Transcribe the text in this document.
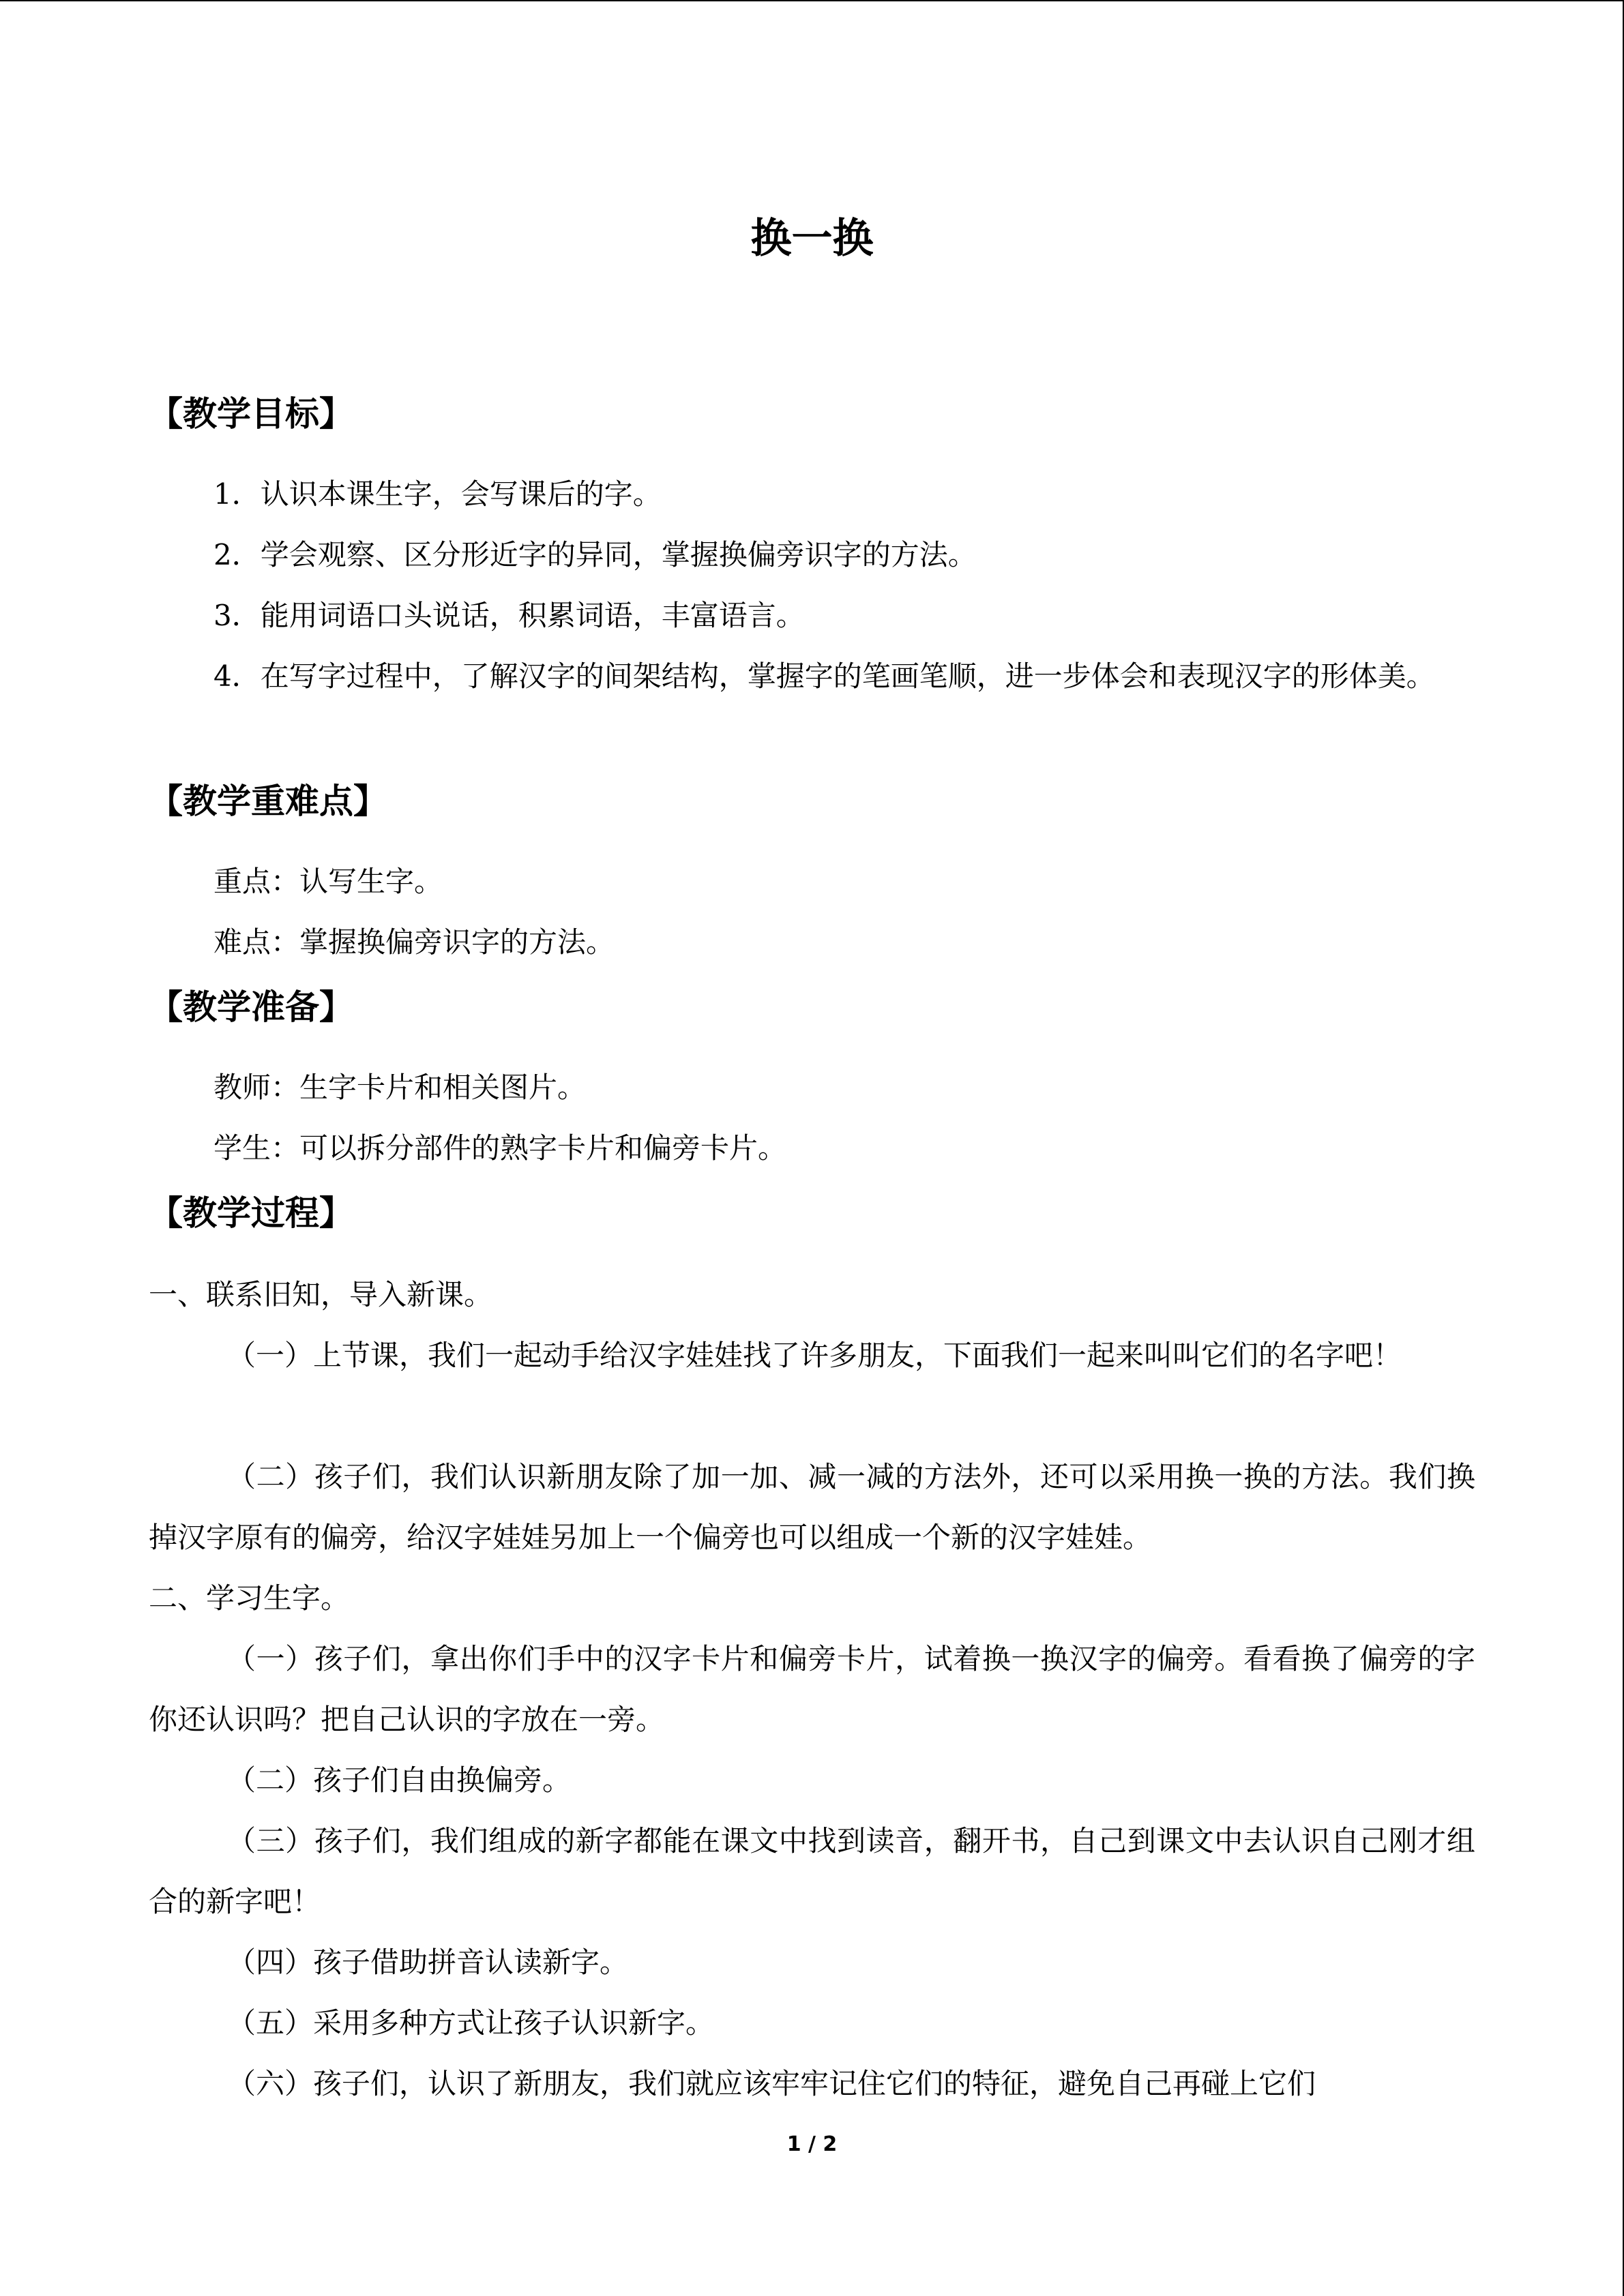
换一换
【教学目标】

1．认识本课生字，会写课后的字。

2．学会观察、区分形近字的异同，掌握换偏旁识字的方法。

3．能用词语口头说话，积累词语，丰富语言。

4．在写字过程中，了解汉字的间架结构，掌握字的笔画笔顺，进一步体会和表现汉字的形体美。

【教学重难点】

重点：认写生字。

难点：掌握换偏旁识字的方法。

【教学准备】

教师：生字卡片和相关图片。

学生：可以拆分部件的熟字卡片和偏旁卡片。

【教学过程】

一、联系旧知，导入新课。

（一）上节课，我们一起动手给汉字娃娃找了许多朋友，下面我们一起来叫叫它们的名字吧！

（二）孩子们，我们认识新朋友除了加一加、减一减的方法外，还可以采用换一换的方法。我们换掉汉字原有的偏旁，给汉字娃娃另加上一个偏旁也可以组成一个新的汉字娃娃。

二、学习生字。

（一）孩子们，拿出你们手中的汉字卡片和偏旁卡片，试着换一换汉字的偏旁。看看换了偏旁的字你还认识吗？把自己认识的字放在一旁。

（二）孩子们自由换偏旁。

（三）孩子们，我们组成的新字都能在课文中找到读音，翻开书，自己到课文中去认识自己刚才组合的新字吧！

（四）孩子借助拼音认读新字。

（五）采用多种方式让孩子认识新字。

（六）孩子们，认识了新朋友，我们就应该牢牢记住它们的特征，避免自己再碰上它们

1 / 2
